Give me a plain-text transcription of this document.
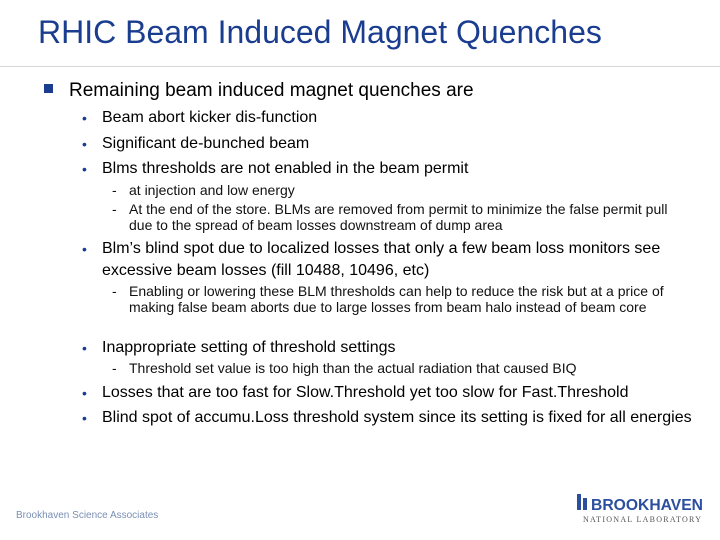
RHIC Beam Induced Magnet Quenches
Remaining beam induced magnet quenches are
• Beam abort kicker dis-function
• Significant de-bunched beam
• Blms thresholds are not enabled in the beam permit
- at injection and low energy
- At the end of the store. BLMs are removed from permit to minimize the false permit pull due to the spread of beam losses downstream of dump area
• Blm’s blind spot due to localized losses that only a few beam loss monitors see excessive beam losses (fill 10488, 10496, etc)
- Enabling or lowering these BLM thresholds can help to reduce the risk but at a price of making false beam aborts due to large losses from beam halo instead of beam core
• Inappropriate setting of threshold settings
- Threshold set value is too high than the actual radiation that caused BIQ
• Losses that are too fast for Slow.Threshold yet too slow for Fast.Threshold
• Blind spot of accumu.Loss threshold system since its setting is fixed for all energies
Brookhaven Science Associates
BROOKHAVEN
NATIONAL LABORATORY
